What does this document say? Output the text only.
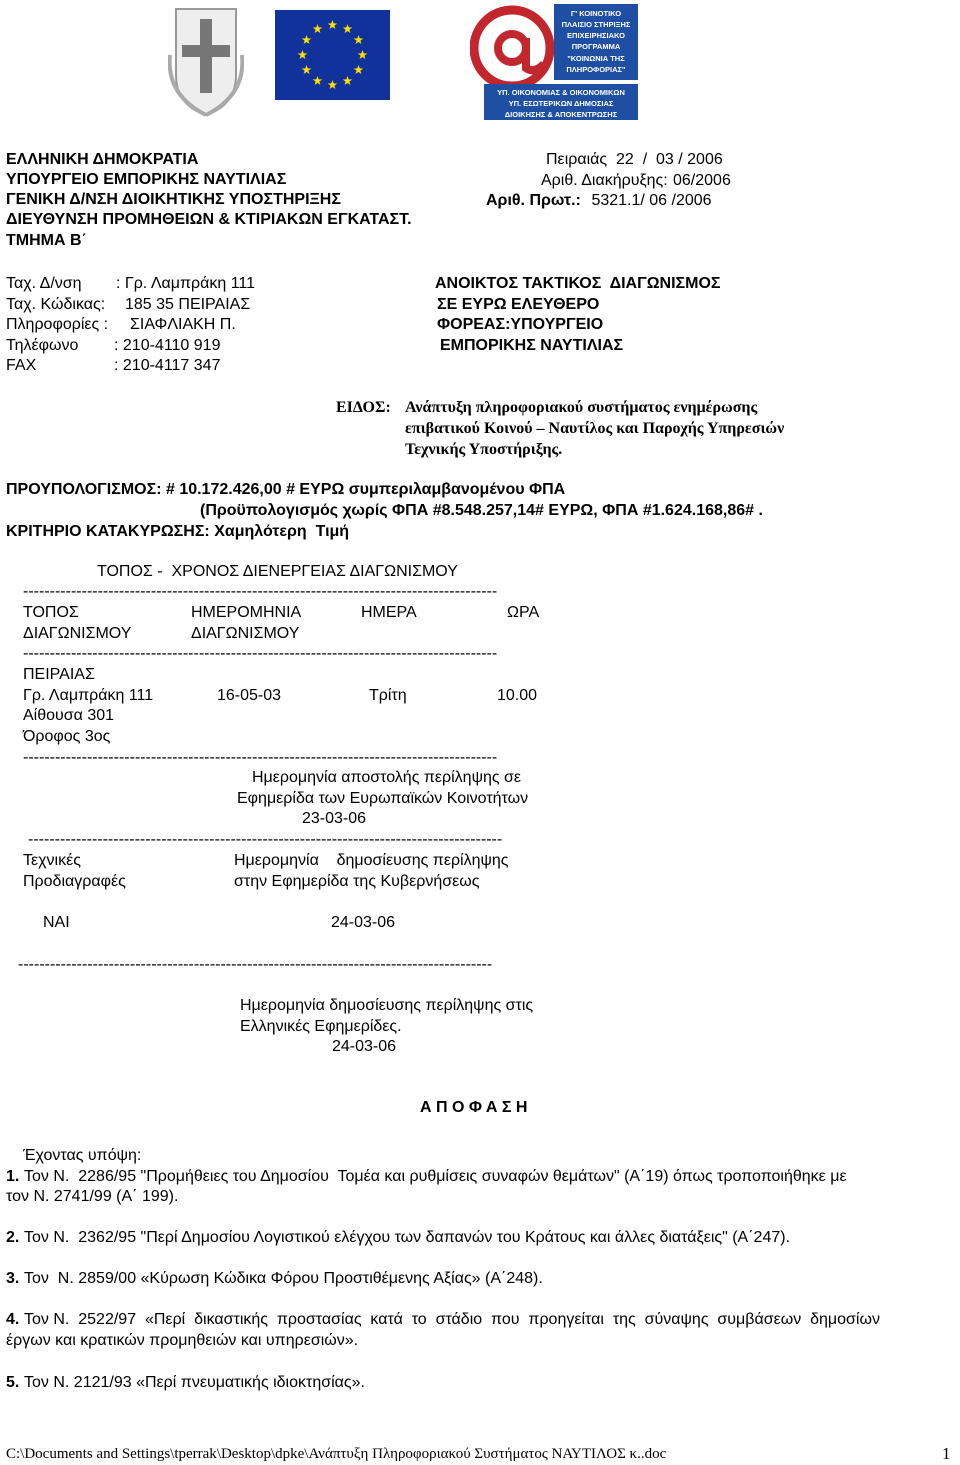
Γ' ΚΟΙΝΟΤΙΚΟ
ΠΛΑΙΣΙΟ ΣΤΗΡΙΞΗΣ
ΕΠΙΧΕΙΡΗΣΙΑΚΟ
ΠΡΟΓΡΑΜΜΑ
"ΚΟΙΝΩΝΙΑ ΤΗΣ
ΠΛΗΡΟΦΟΡΙΑΣ"
ΥΠ. ΟΙΚΟΝΟΜΙΑΣ & ΟΙΚΟΝΟΜΙΚΩΝ
ΥΠ. ΕΣΩΤΕΡΙΚΩΝ ΔΗΜΟΣΙΑΣ
ΔΙΟΙΚΗΣΗΣ & ΑΠΟΚΕΝΤΡΩΣΗΣ
ΕΛΛΗΝΙΚΗ ΔΗΜΟΚΡΑΤΙΑ
ΥΠΟΥΡΓΕΙΟ ΕΜΠΟΡΙΚΗΣ ΝΑΥΤΙΛΙΑΣ
ΓΕΝΙΚΗ Δ/ΝΣΗ ΔΙΟΙΚΗΤΙΚΗΣ ΥΠΟΣΤΗΡΙΞΗΣ
ΔΙΕΥΘΥΝΣΗ ΠΡΟΜΗΘΕΙΩΝ & ΚΤΙΡΙΑΚΩΝ ΕΓΚΑΤΑΣΤ.
ΤΜΗΜΑ Β΄
Πειραιάς  22  /  03 / 2006
Αριθ. Διακήρυξης: 06/2006
Αριθ. Πρωτ.: 5321.1/ 06 /2006
Ταχ. Δ/νση : Γρ. Λαμπράκη 111
Ταχ. Κώδικας: 185 35 ΠΕΙΡΑΙΑΣ
Πληροφορίες : ΣΙΑΦΛΙΑΚΗ Π.
Τηλέφωνο : 210-4110 919
FAX	: 210-4117 347
ΑΝΟΙΚΤΟΣ ΤΑΚΤΙΚΟΣ  ΔΙΑΓΩΝΙΣΜΟΣ
ΣΕ ΕΥΡΩ ΕΛΕΥΘΕΡΟ
ΦΟΡΕΑΣ:ΥΠΟΥΡΓΕΙΟ
ΕΜΠΟΡΙΚΗΣ ΝΑΥΤΙΛΙΑΣ
ΕΙΔΟΣ: Ανάπτυξη πληροφοριακού συστήματος ενημέρωσης
επιβατικού Κοινού – Ναυτίλος και Παροχής Υπηρεσιών
Τεχνικής Υποστήριξης.
ΠΡΟΥΠΟΛΟΓΙΣΜΟΣ: # 10.172.426,00 # ΕΥΡΩ συμπεριλαμβανομένου ΦΠΑ
(Προϋπολογισμός χωρίς ΦΠΑ #8.548.257,14# ΕΥΡΩ, ΦΠΑ #1.624.168,86# .
ΚΡΙΤΗΡΙΟ ΚΑΤΑΚΥΡΩΣΗΣ: Χαμηλότερη  Τιμή
ΤΟΠΟΣ -  ΧΡΟΝΟΣ ΔΙΕΝΕΡΓΕΙΑΣ ΔΙΑΓΩΝΙΣΜΟΥ
-----------------------------------------------------------------------------------------
ΤΟΠΟΣ
ΔΙΑΓΩΝΙΣΜΟΥ
ΗΜΕΡΟΜΗΝΙΑ
ΔΙΑΓΩΝΙΣΜΟΥ
ΗΜΕΡΑ	ΩΡΑ
-----------------------------------------------------------------------------------------
ΠΕΙΡΑΙΑΣ
Γρ. Λαμπράκη 111
Αίθουσα 301
Όροφος 3ος
16-05-03	Τρίτη	10.00
-----------------------------------------------------------------------------------------
Ημερομηνία αποστολής περίληψης σε
Εφημερίδα των Ευρωπαϊκών Κοινοτήτων
23-03-06
-----------------------------------------------------------------------------------------
Τεχνικές
Προδιαγραφές
Ημερομηνία    δημοσίευσης περίληψης
στην Εφημερίδα της Κυβερνήσεως
ΝΑΙ	24-03-06
-----------------------------------------------------------------------------------------
Ημερομηνία δημοσίευσης περίληψης στις
Ελληνικές Εφημερίδες.
24-03-06
Α Π Ο Φ Α Σ Η
Έχοντας υπόψη:
1. Τον Ν.  2286/95 "Προμήθειες του Δημοσίου  Τομέα και ρυθμίσεις συναφών θεμάτων" (Α΄19) όπως τροποποιήθηκε με
τον Ν. 2741/99 (Α΄ 199).
2. Τον Ν.  2362/95 "Περί Δημοσίου Λογιστικού ελέγχου των δαπανών του Κράτους και άλλες διατάξεις" (Α΄247).
3. Τον  Ν. 2859/00 «Κύρωση Κώδικα Φόρου Προστιθέμενης Αξίας» (Α΄248).
4. Τον Ν.  2522/97  «Περί  δικαστικής  προστασίας  κατά  το  στάδιο  που  προηγείται  της  σύναψης  συμβάσεων  δημοσίων
έργων και κρατικών προμηθειών και υπηρεσιών».
5. Τον Ν. 2121/93 «Περί πνευματικής ιδιοκτησίας».
C:\Documents and Settings\tperrak\Desktop\dpke\Ανάπτυξη Πληροφοριακού Συστήματος ΝΑΥΤΙΛΟΣ κ..doc	1
